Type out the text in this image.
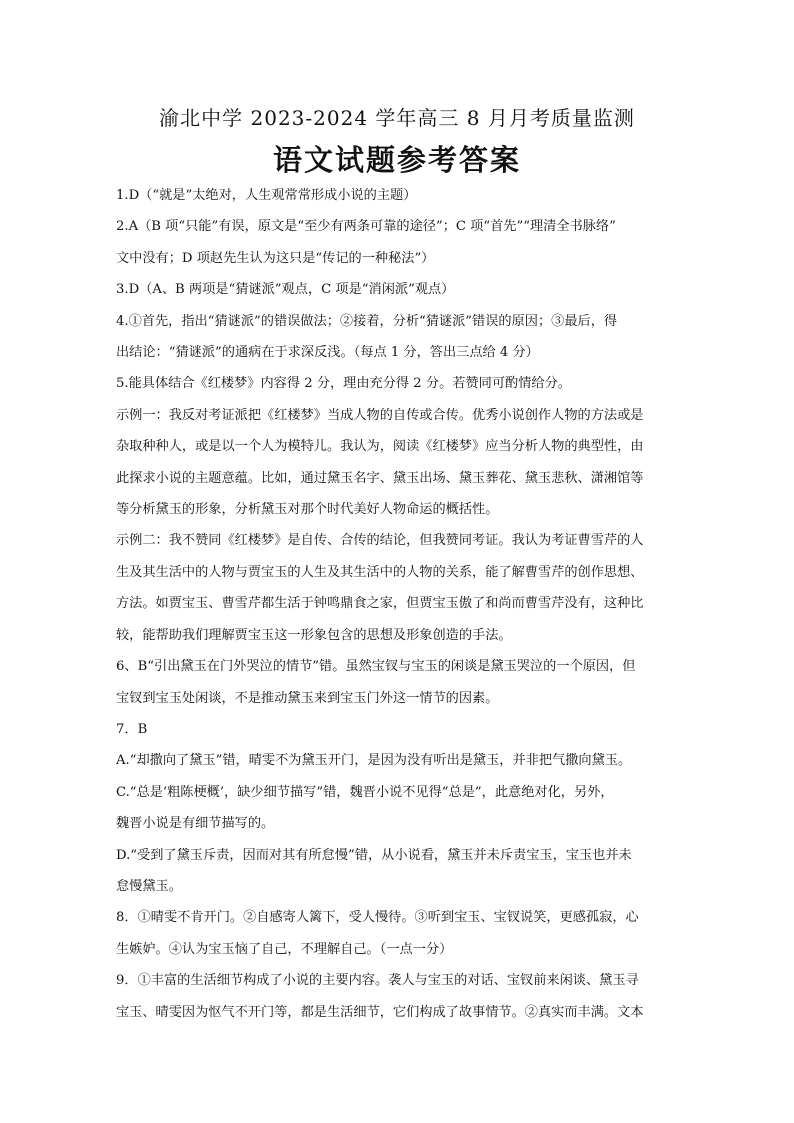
渝北中学 2023-2024 学年高三 8 月月考质量监测
语文试题参考答案

1.D（“就是”太绝对，人生观常常形成小说的主题）

2.A（B 项“只能”有误，原文是“至少有两条可靠的途径”；C 项“首先”“理清全书脉络”
文中没有；D 项赵先生认为这只是“传记的一种秘法”）

3.D（A、B 两项是“猜谜派”观点，C 项是“消闲派”观点）

4.①首先，指出“猜谜派”的错误做法；②接着，分析“猜谜派”错误的原因；③最后，得
出结论：“猜谜派”的通病在于求深反浅。（每点 1 分，答出三点给 4 分）

5.能具体结合《红楼梦》内容得 2 分，理由充分得 2 分。若赞同可酌情给分。

示例一：我反对考证派把《红楼梦》当成人物的自传或合传。优秀小说创作人物的方法或是
杂取种种人，或是以一个人为模特儿。我认为，阅读《红楼梦》应当分析人物的典型性，由
此探求小说的主题意蕴。比如，通过黛玉名字、黛玉出场、黛玉葬花、黛玉悲秋、潇湘馆等
等分析黛玉的形象，分析黛玉对那个时代美好人物命运的概括性。

示例二：我不赞同《红楼梦》是自传、合传的结论，但我赞同考证。我认为考证曹雪芹的人
生及其生活中的人物与贾宝玉的人生及其生活中的人物的关系，能了解曹雪芹的创作思想、
方法。如贾宝玉、曹雪芹都生活于钟鸣鼎食之家，但贾宝玉傲了和尚而曹雪芹没有，这种比
较，能帮助我们理解贾宝玉这一形象包含的思想及形象创造的手法。

6、B“引出黛玉在门外哭泣的情节”错。虽然宝钗与宝玉的闲谈是黛玉哭泣的一个原因，但
宝钗到宝玉处闲谈，不是推动黛玉来到宝玉门外这一情节的因素。

7．B

A.“却撒向了黛玉”错，晴雯不为黛玉开门，是因为没有听出是黛玉，并非把气撒向黛玉。

C.“总是‘粗陈梗概’，缺少细节描写”错，魏晋小说不见得“总是”，此意绝对化，另外，
魏晋小说是有细节描写的。

D.“受到了黛玉斥责，因而对其有所怠慢”错，从小说看，黛玉并未斥责宝玉，宝玉也并未
怠慢黛玉。

8．①晴雯不肯开门。②自感寄人篱下，受人慢待。③听到宝玉、宝钗说笑，更感孤寂，心
生嫉妒。④认为宝玉恼了自己，不理解自己。（一点一分）

9．①丰富的生活细节构成了小说的主要内容。袭人与宝玉的对话、宝钗前来闲谈、黛玉寻
宝玉、晴雯因为怄气不开门等，都是生活细节，它们构成了故事情节。②真实而丰满。文本
